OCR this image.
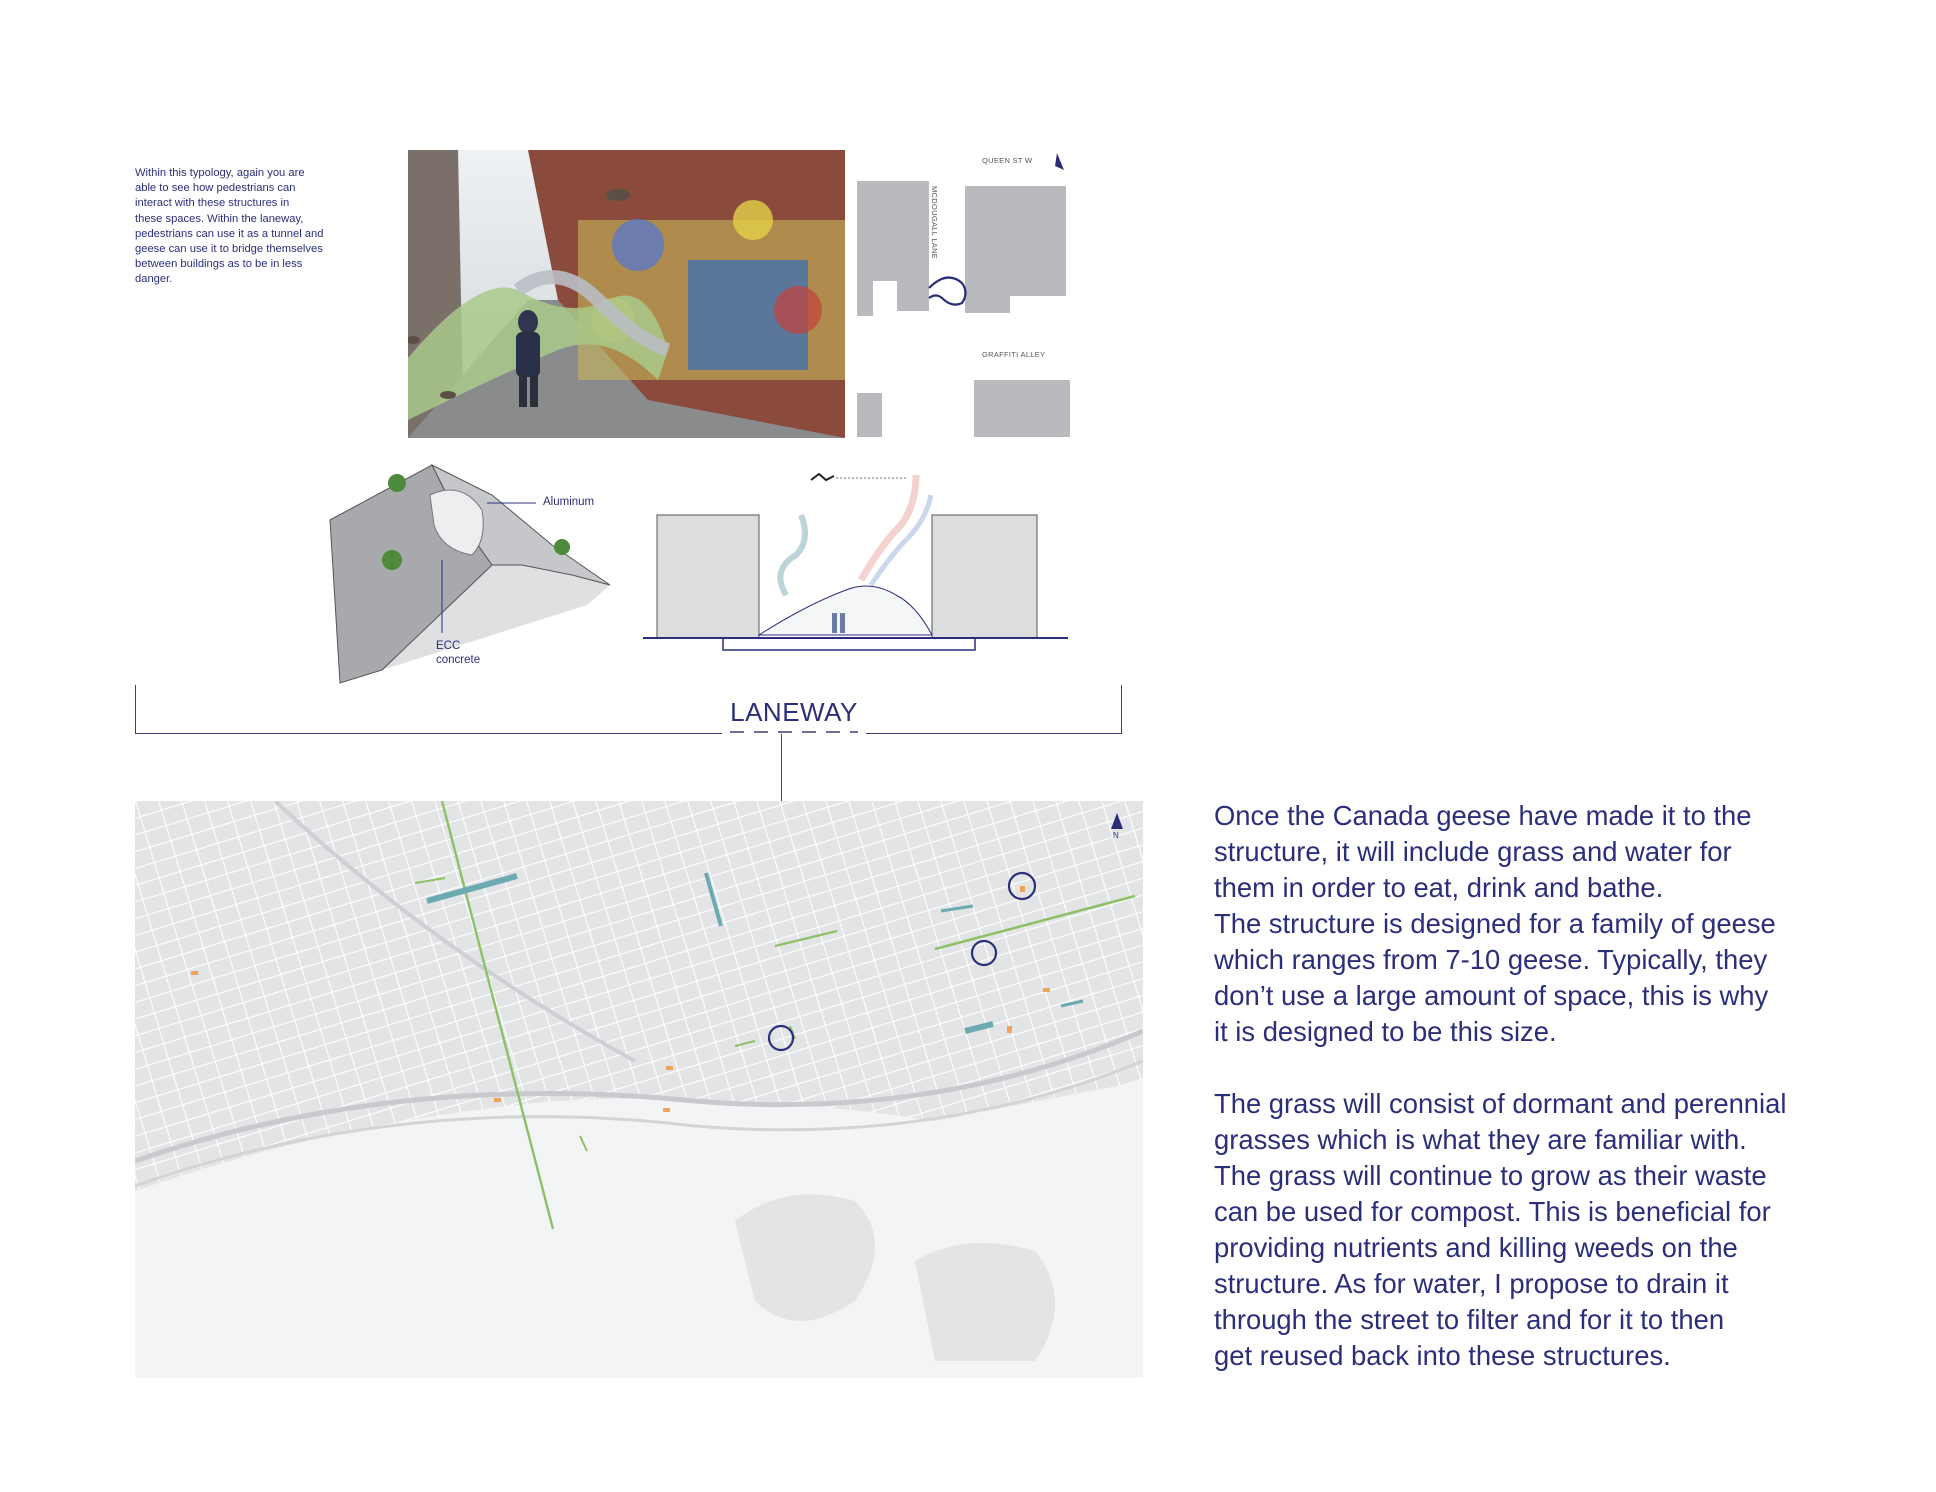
Within this typology, again you are
able to see how pedestrians can
interact with these structures in
these spaces. Within the laneway,
pedestrians can use it as a tunnel and
geese can use it to bridge themselves
between buildings as to be in less
danger.
QUEEN ST W
MCDOUGALL LANE
GRAFFITI ALLEY
Aluminum
ECC
concrete
LANEWAY
N

Once the Canada geese have made it to the
structure, it will include grass and water for
them in order to eat, drink and bathe.
The structure is designed for a family of geese
which ranges from 7-10 geese. Typically, they
don’t use a large amount of space, this is why
it is designed to be this size.

The grass will consist of dormant and perennial
grasses which is what they are familiar with.
The grass will continue to grow as their waste
can be used for compost. This is beneficial for
providing nutrients and killing weeds on the
structure. As for water, I propose to drain it
through the street to filter and for it to then
get reused back into these structures.
